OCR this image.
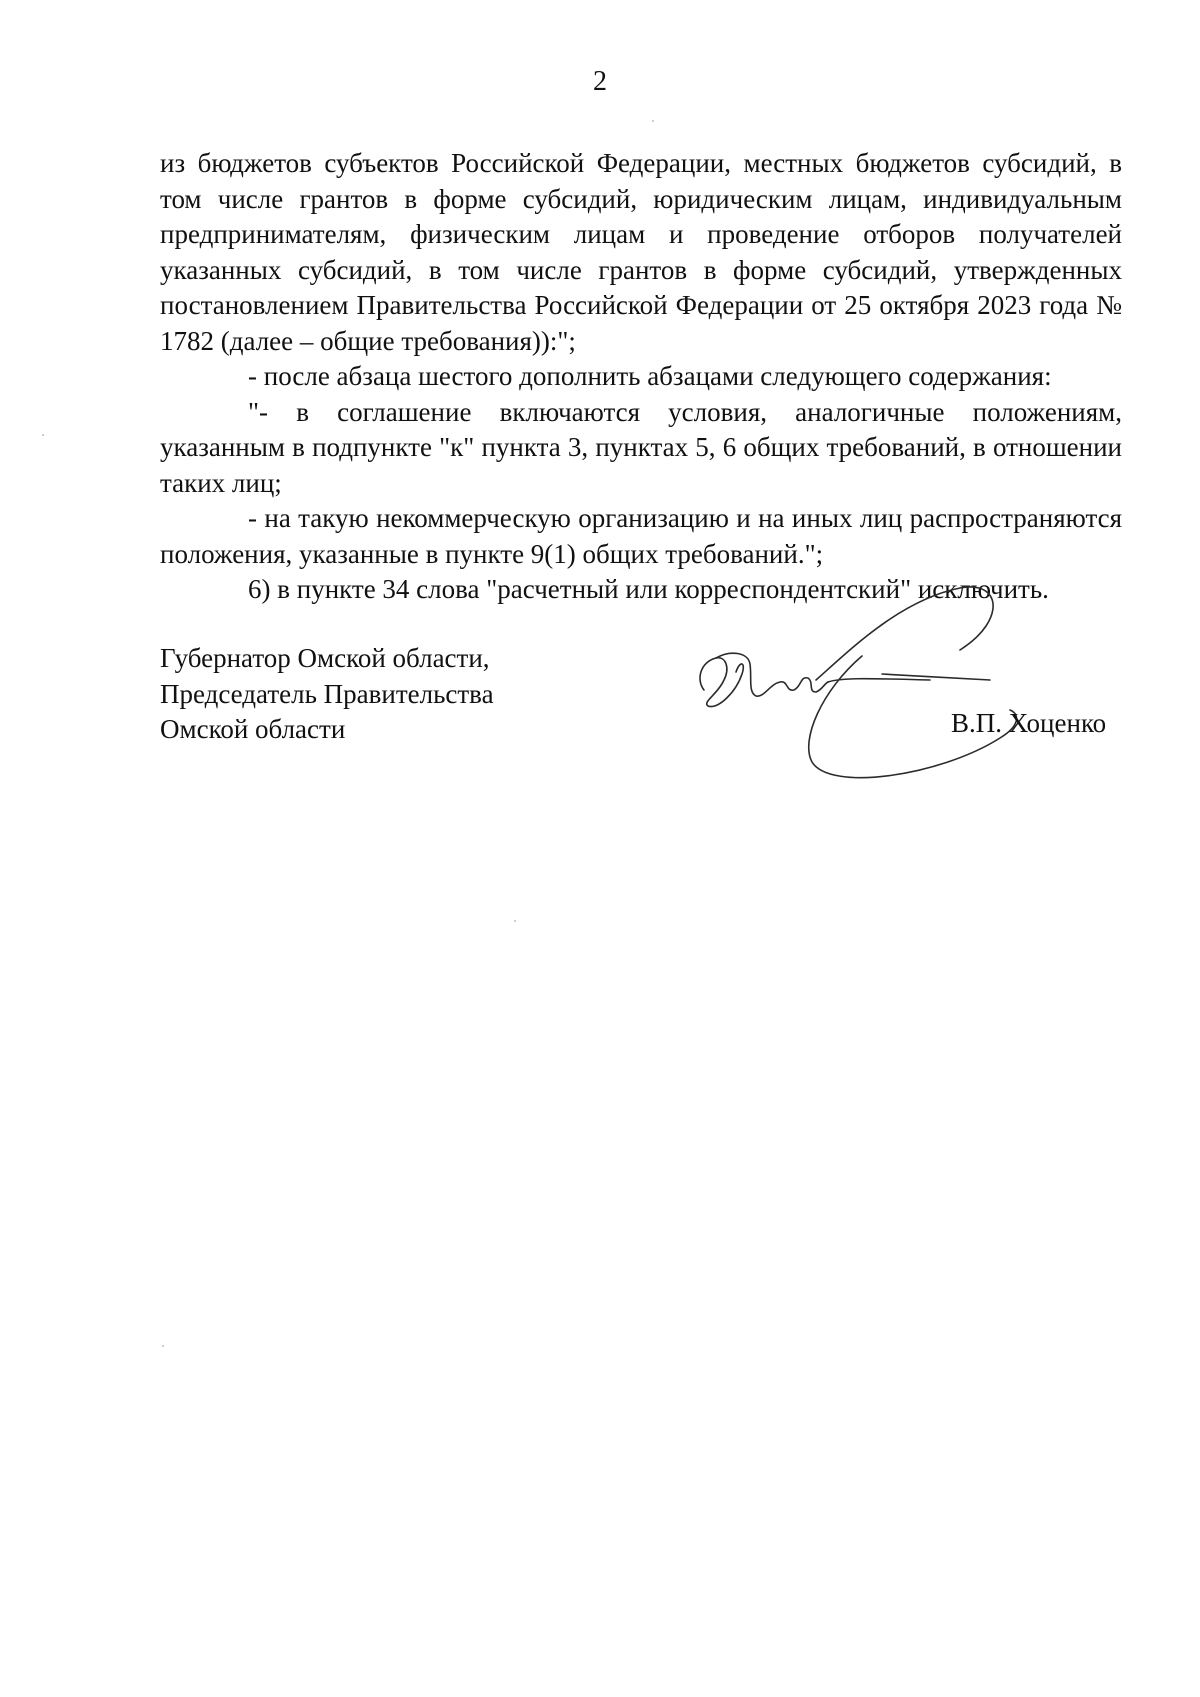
2

из бюджетов субъектов Российской Федерации, местных бюджетов субсидий, в том числе грантов в форме субсидий, юридическим лицам, индивидуальным предпринимателям, физическим лицам и проведение отборов получателей указанных субсидий, в том числе грантов в форме субсидий, утвержденных постановлением Правительства Российской Федерации от 25 октября 2023 года № 1782 (далее – общие требования)):";

- после абзаца шестого дополнить абзацами следующего содержания:

"- в соглашение включаются условия, аналогичные положениям, указанным в подпункте "к" пункта 3, пунктах 5, 6 общих требований, в отношении таких лиц;

- на такую некоммерческую организацию и на иных лиц распространяются положения, указанные в пункте 9(1) общих требований.";

6) в пункте 34 слова "расчетный или корреспондентский" исключить.

Губернатор Омской области,
Председатель Правительства
Омской области	В.П. Хоценко
